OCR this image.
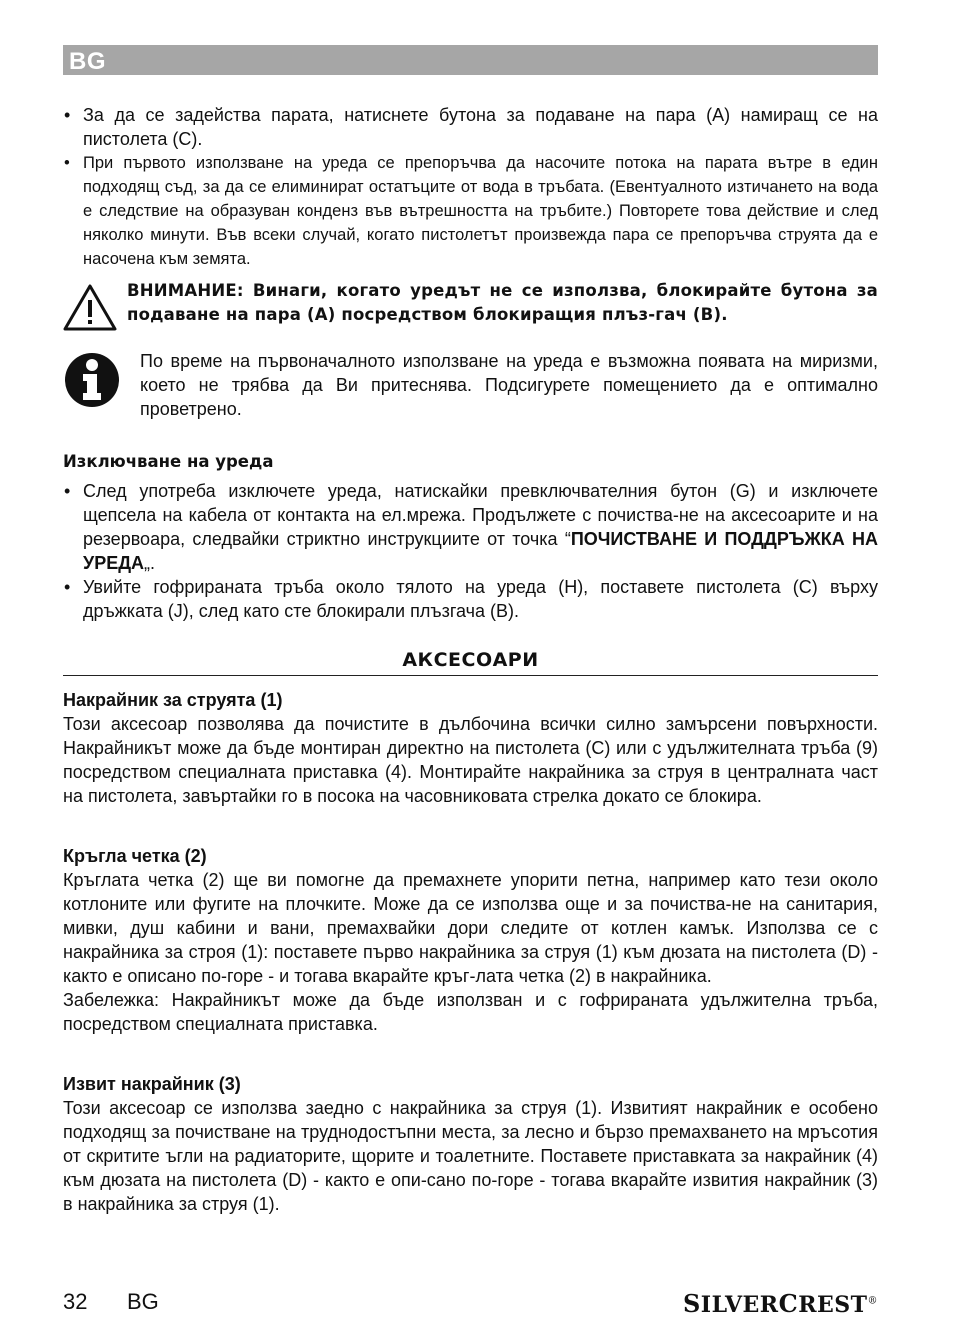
BG
• За да се задейства парата, натиснете бутона за подаване на пара (A) намиращ се на пистолета (C).
• При първото използване на уреда се препоръчва да насочите потока на парата вътре в един подходящ съд, за да се елиминират остатъците от вода в тръбата. (Евентуалното изтичането на вода е следствие на образуван конденз във вътрешността на тръбите.) Повторете това действие и след няколко минути. Във всеки случай, когато пистолетът произвежда пара се препоръчва струята да е насочена към земята.

ВНИМАНИЕ: Винаги, когато уредът не се използва, блокирайте бутона за подаване на пара (A) посредством блокиращия плъз-гач (B).

По време на първоначалното използване на уреда е възможна появата на миризми, което не трябва да Ви притеснява. Подсигурете помещението да е оптимално проветрено.

Изключване на уреда
• След употреба изключете уреда, натискайки превключвателния бутон (G) и изключете щепсела на кабела от контакта на ел.мрежа. Продължете с почиства-не на аксесоарите и на резервоара, следвайки стриктно инструкциите от точка “ПОЧИСТВАНЕ И ПОДДРЪЖКА НА УРЕДА„.
• Увийте гофрираната тръба около тялото на уреда (H), поставете пистолета (C) върху дръжката (J), след като сте блокирали плъзгача (B).
АКСЕСОАРИ
Накрайник за струята (1)

Този аксесоар позволява да почистите в дълбочина всички силно замърсени повърхности. Накрайникът може да бъде монтиран директно на пистолета (C) или с удължителната тръба (9) посредством специалната приставка (4). Монтирайте накрайника за струя в централната част на пистолета, завъртайки го в посока на часовниковата стрелка докато се блокира.

Кръгла четка (2)

Кръглата четка (2) ще ви помогне да премахнете упорити петна, например като тези около котлоните или фугите на плочките. Може да се използва още и за почиства-не на санитария, мивки, душ кабини и вани, премахвайки дори следите от котлен камък. Използва се с накрайника за строя (1): поставете първо накрайника за струя (1) към дюзата на пистолета (D) - както е описано по-горе - и тогава вкарайте кръг-лата четка (2) в накрайника.

Забележка: Накрайникът може да бъде използван и с гофрираната удължителна тръба, посредством специалната приставка.

Извит накрайник (3)

Този аксесоар се използва заедно с накрайника за струя (1). Извитият накрайник е особено подходящ за почистване на труднодостъпни места, за лесно и бързо премахването на мръсотия от скритите ъгли на радиаторите, щорите и тоалетните. Поставете приставката за накрайник (4) към дюзата на пистолета (D) - както е опи-сано по-горе - тогава вкарайте извития накрайник (3) в накрайника за струя (1).

32 BG	SILVERCREST®
